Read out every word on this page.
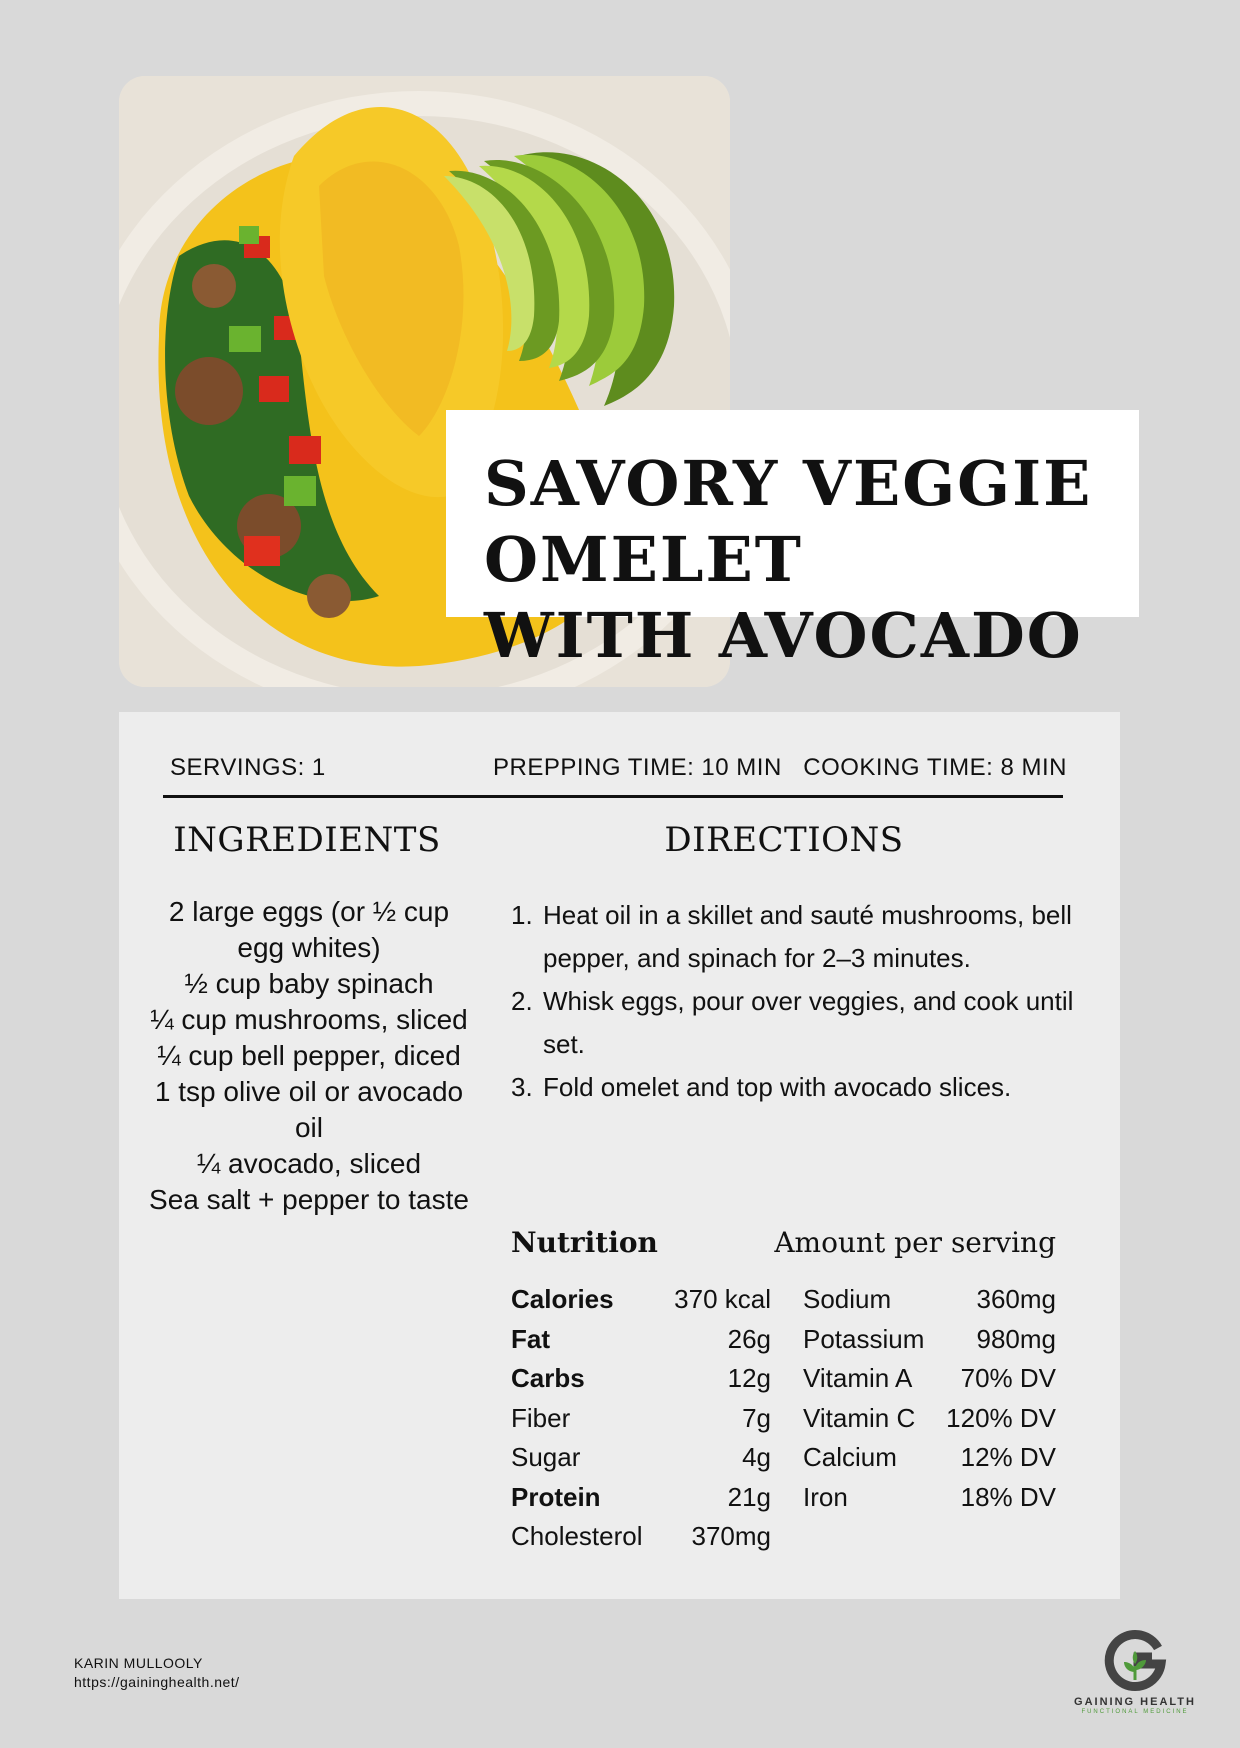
SAVORY VEGGIE OMELET
WITH AVOCADO
SERVINGS: 1	PREPPING TIME: 10 MIN COOKING TIME: 8 MIN
INGREDIENTS	DIRECTIONS
2 large eggs (or ½ cup egg whites)
½ cup baby spinach
¼ cup mushrooms, sliced
¼ cup bell pepper, diced
1 tsp olive oil or avocado oil
¼ avocado, sliced
Sea salt + pepper to taste
1. Heat oil in a skillet and sauté mushrooms, bell pepper, and spinach for 2–3 minutes.
2. Whisk eggs, pour over veggies, and cook until set.
3. Fold omelet and top with avocado slices.
Nutrition	Amount per serving
Calories 370 kcal
Fat	26g
Carbs	12g
Fiber	7g
Sugar	4g
Protein	21g
Cholesterol 370mg
Sodium	360mg
Potassium 980mg
Vitamin A 70% DV
Vitamin C 120% DV
Calcium 12% DV
Iron	18% DV
KARIN MULLOOLY
https://gaininghealth.net/
GAINING HEALTH
FUNCTIONAL MEDICINE
